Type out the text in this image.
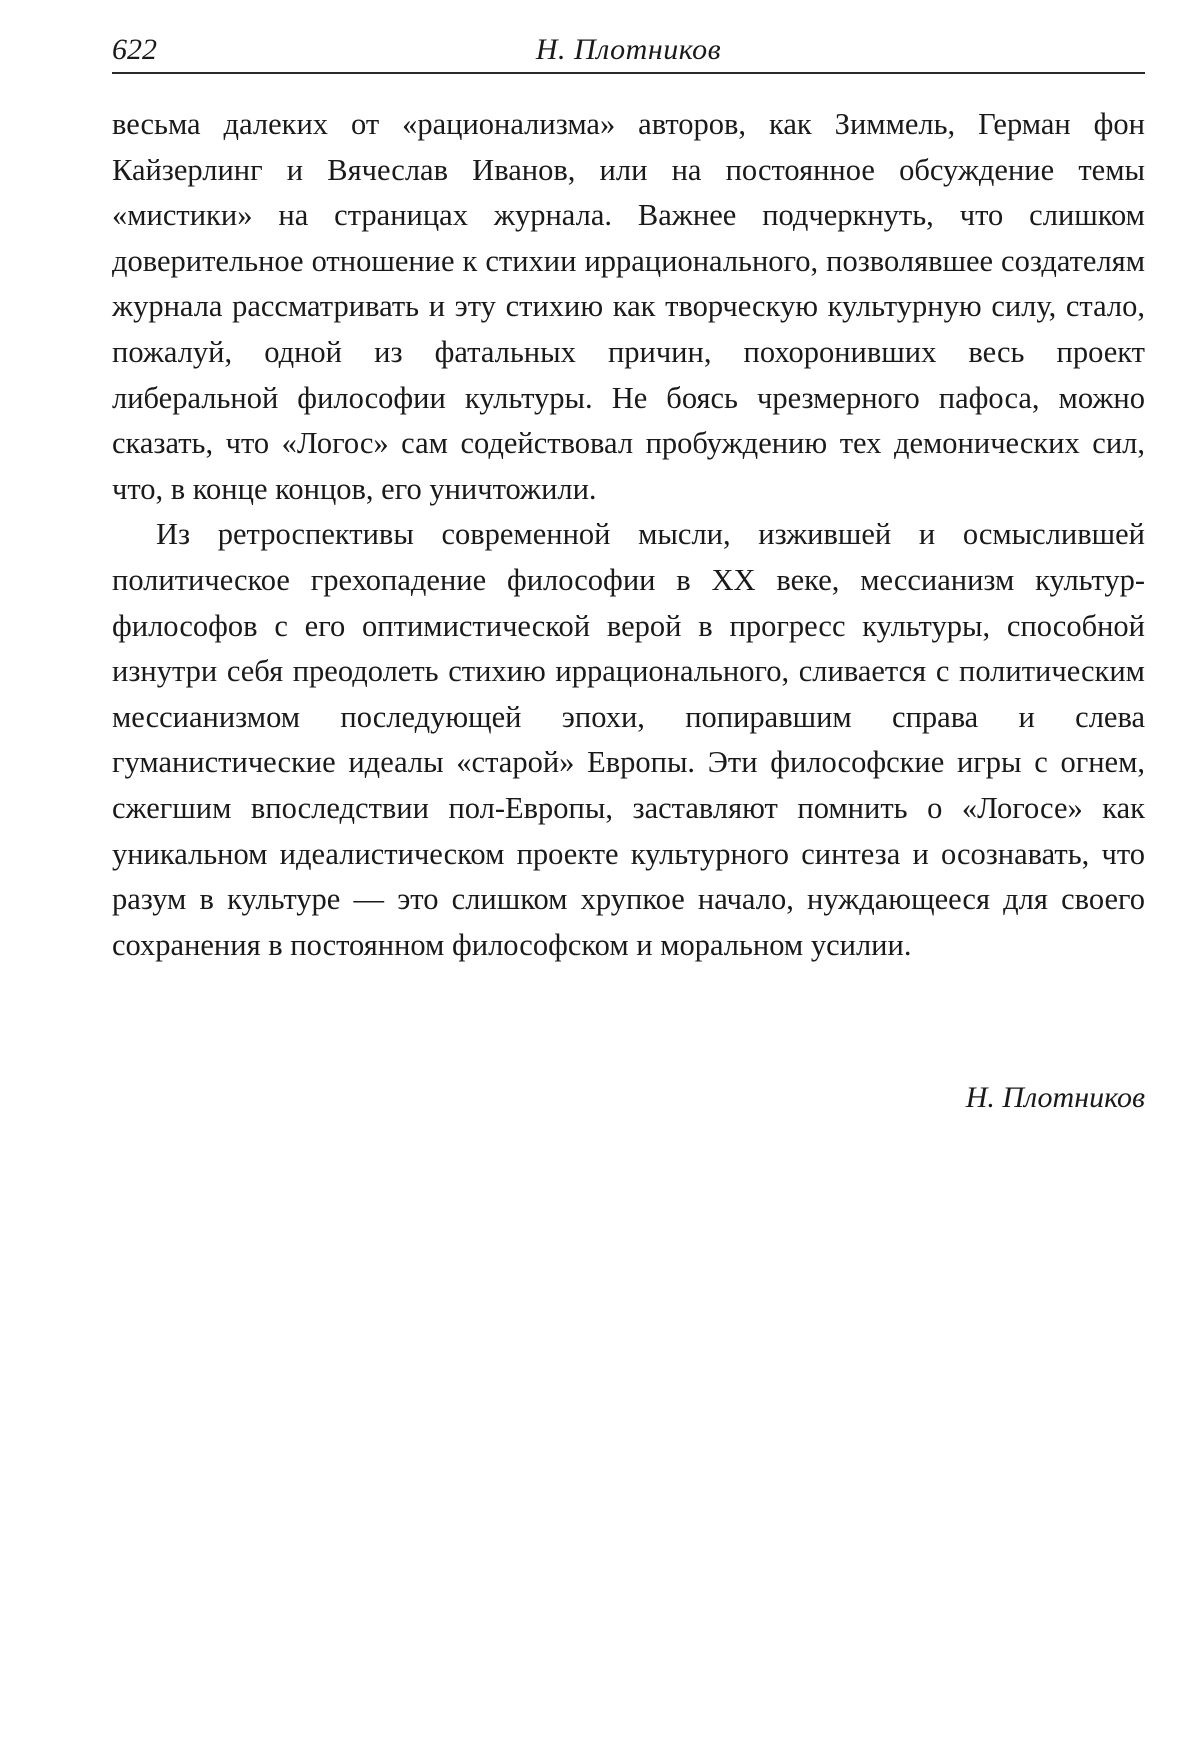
622	Н. Плотников

весьма далеких от «рационализма» авторов, как Зиммель, Герман фон Кайзерлинг и Вячеслав Иванов, или на постоянное обсуждение темы «мистики» на страницах журнала. Важнее подчеркнуть, что слишком доверительное отношение к стихии иррационального, позволявшее создателям журнала рассматривать и эту стихию как творческую культурную силу, стало, пожалуй, одной из фатальных причин, похоронивших весь проект либеральной философии культуры. Не боясь чрезмерного пафоса, можно сказать, что «Логос» сам содействовал пробуждению тех демонических сил, что, в конце концов, его уничтожили.

Из ретроспективы современной мысли, изжившей и осмыслившей политическое грехопадение философии в XX веке, мессианизм культур-философов с его оптимистической верой в прогресс культуры, способной изнутри себя преодолеть стихию иррационального, сливается с политическим мессианизмом последующей эпохи, попиравшим справа и слева гуманистические идеалы «старой» Европы. Эти философские игры с огнем, сжегшим впоследствии пол-Европы, заставляют помнить о «Логосе» как уникальном идеалистическом проекте культурного синтеза и осознавать, что разум в культуре — это слишком хрупкое начало, нуждающееся для своего сохранения в постоянном философском и моральном усилии.

Н. Плотников
